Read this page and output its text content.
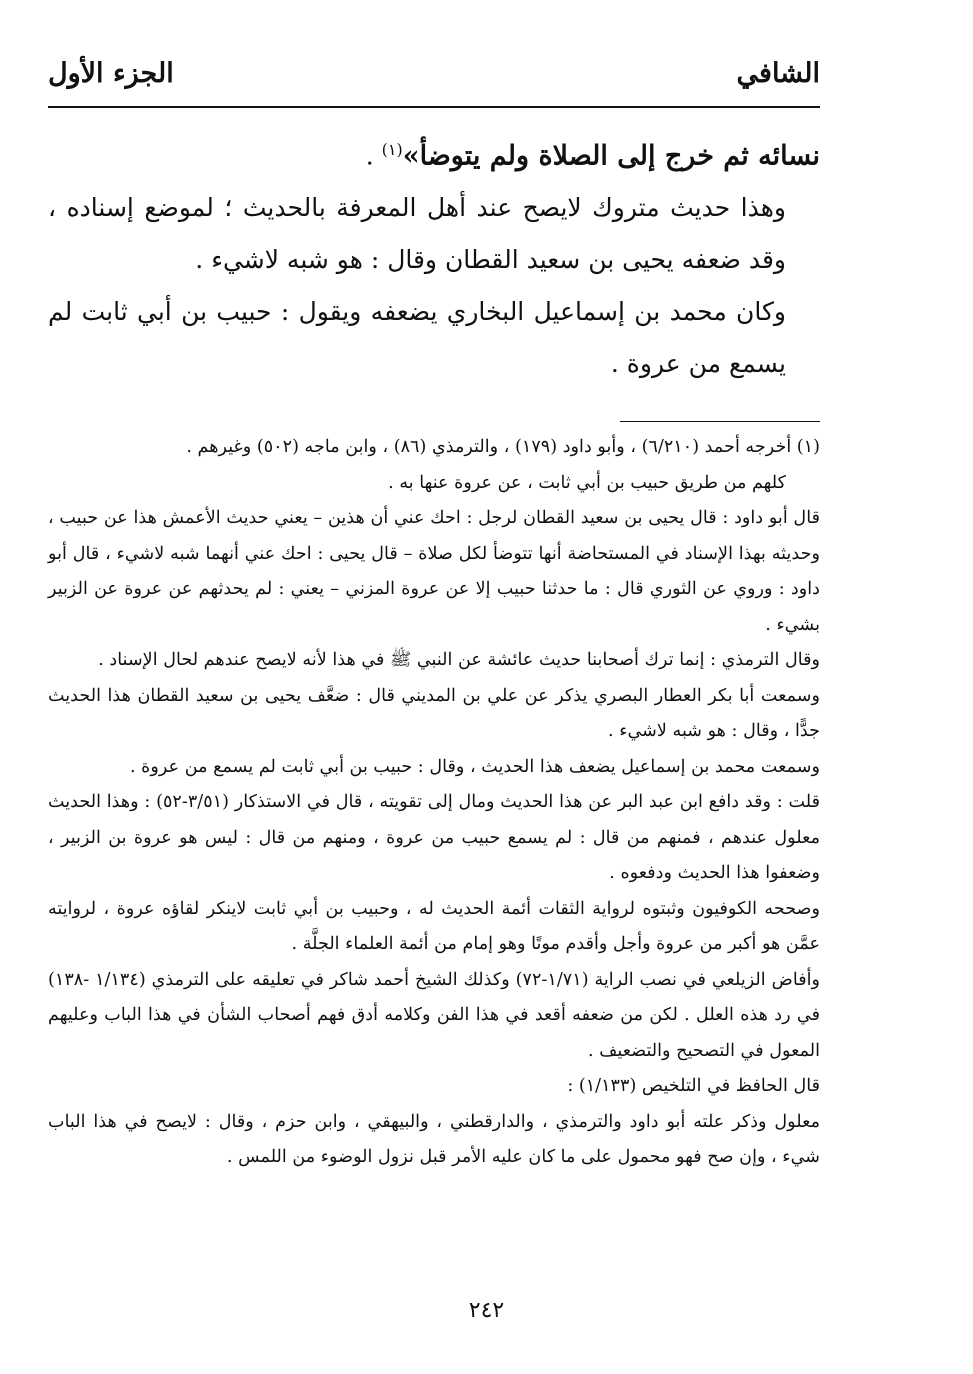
الشافي
الجزء الأول

نسائه ثم خرج إلى الصلاة ولم يتوضأ»$^{(١)}$ .

وهذا حديث متروك لايصح عند أهل المعرفة بالحديث ؛ لموضع إسناده ، وقد ضعفه يحيى بن سعيد القطان وقال : هو شبه لاشيء .

وكان محمد بن إسماعيل البخاري يضعفه ويقول : حبيب بن أبي ثابت لم يسمع من عروة .

(١) أخرجه أحمد (٦/٢١٠) ، وأبو داود (١٧٩) ، والترمذي (٨٦) ، وابن ماجه (٥٠٢) وغيرهم .

كلهم من طريق حبيب بن أبي ثابت ، عن عروة عنها به .

قال أبو داود : قال يحيى بن سعيد القطان لرجل : احك عني أن هذين – يعني حديث الأعمش هذا عن حبيب ، وحديثه بهذا الإسناد في المستحاضة أنها تتوضأ لكل صلاة – قال يحيى : احك عني أنهما شبه لاشيء ، قال أبو داود : وروي عن الثوري قال : ما حدثنا حبيب إلا عن عروة المزني – يعني : لم يحدثهم عن عروة عن الزبير بشيء .

وقال الترمذي : إنما ترك أصحابنا حديث عائشة عن النبي ﷺ في هذا لأنه لايصح عندهم لحال الإسناد .

وسمعت أبا بكر العطار البصري يذكر عن علي بن المديني قال : ضعَّف يحيى بن سعيد القطان هذا الحديث جدًّا ، وقال : هو شبه لاشيء .

وسمعت محمد بن إسماعيل يضعف هذا الحديث ، وقال : حبيب بن أبي ثابت لم يسمع من عروة .

قلت : وقد دافع ابن عبد البر عن هذا الحديث ومال إلى تقويته ، قال في الاستذكار (٣/٥١-٥٢) : وهذا الحديث معلول عندهم ، فمنهم من قال : لم يسمع حبيب من عروة ، ومنهم من قال : ليس هو عروة بن الزبير ، وضعفوا هذا الحديث ودفعوه .

وصححه الكوفيون وثبتوه لرواية الثقات أئمة الحديث له ، وحبيب بن أبي ثابت لاينكر لقاؤه عروة ، لروايته عمَّن هو أكبر من عروة وأجل وأقدم موتًا وهو إمام من أئمة العلماء الجلَّة .

وأفاض الزيلعي في نصب الراية (١/٧١-٧٢) وكذلك الشيخ أحمد شاكر في تعليقه على الترمذي (١/١٣٤ -١٣٨) في رد هذه العلل . لكن من ضعفه أقعد في هذا الفن وكلامه أدق فهم أصحاب الشأن في هذا الباب وعليهم المعول في التصحيح والتضعيف .

قال الحافظ في التلخيص (١/١٣٣) :

معلول وذكر علته أبو داود والترمذي ، والدارقطني ، والبيهقي ، وابن حزم ، وقال : لايصح في هذا الباب شيء ، وإن صح فهو محمول على ما كان عليه الأمر قبل نزول الوضوء من اللمس .

٢٤٢
